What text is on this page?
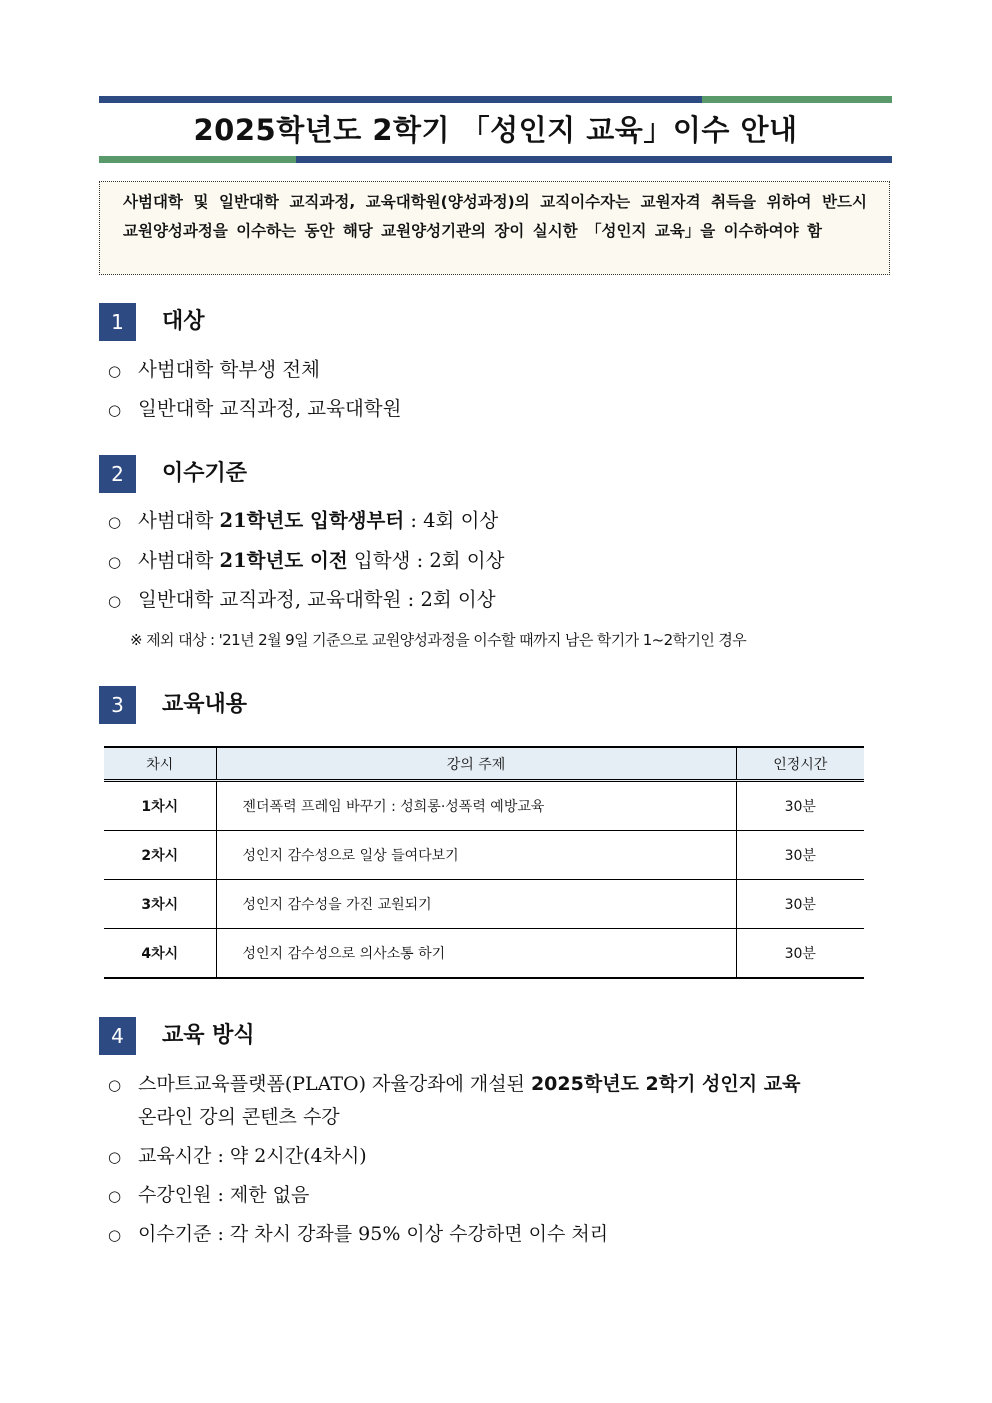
2025학년도 2학기 「성인지 교육」이수 안내
사범대학 및 일반대학 교직과정, 교육대학원(양성과정)의 교직이수자는 교원자격 취득을 위하여 반드시 교원양성과정을 이수하는 동안 해당 교원양성기관의 장이 실시한 「성인지 교육」을 이수하여야 함
1	대상
○ 사범대학 학부생 전체
○ 일반대학 교직과정, 교육대학원
2	이수기준
○ 사범대학 21학년도 입학생부터 : 4회 이상
○ 사범대학 21학년도 이전 입학생 : 2회 이상
○ 일반대학 교직과정, 교육대학원 : 2회 이상
※ 제외 대상 : '21년 2월 9일 기준으로 교원양성과정을 이수할 때까지 남은 학기가 1~2학기인 경우
3	교육내용
차시	강의 주제	인정시간
1차시	젠더폭력 프레임 바꾸기 : 성희롱·성폭력 예방교육	30분
2차시	성인지 감수성으로 일상 들여다보기	30분
3차시	성인지 감수성을 가진 교원되기	30분
4차시	성인지 감수성으로 의사소통 하기	30분
4	교육 방식
○ 스마트교육플랫폼(PLATO) 자율강좌에 개설된 2025학년도 2학기 성인지 교육
온라인 강의 콘텐츠 수강
○ 교육시간 : 약 2시간(4차시)
○ 수강인원 : 제한 없음
○ 이수기준 : 각 차시 강좌를 95% 이상 수강하면 이수 처리
